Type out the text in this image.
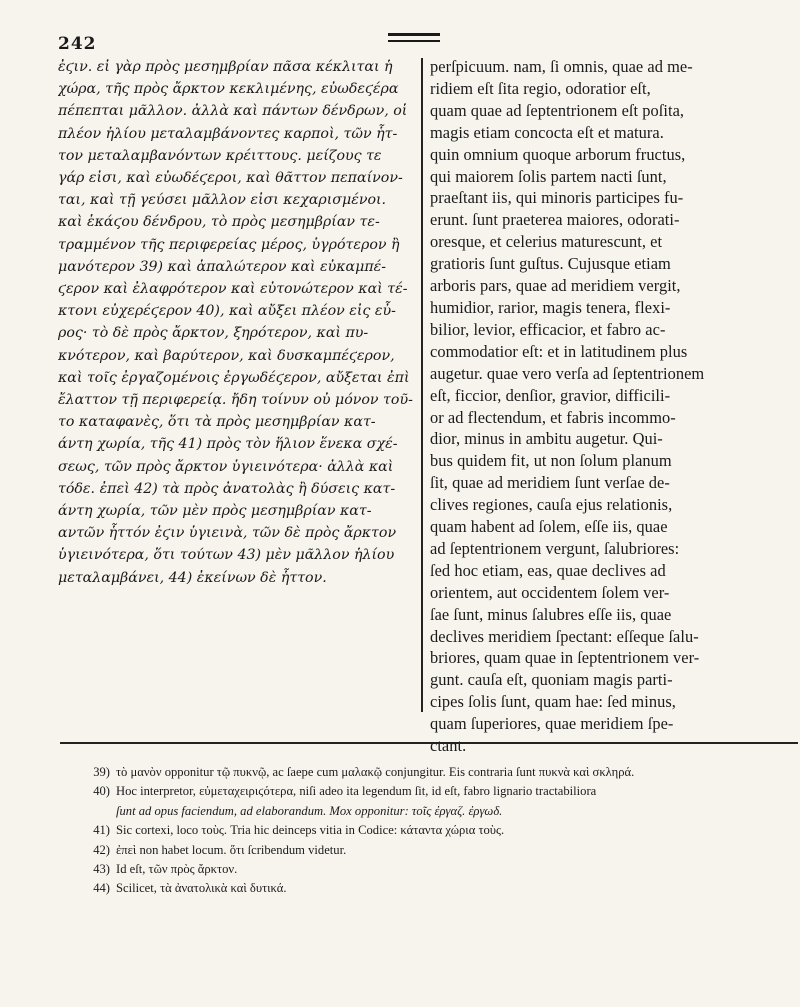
242
ἐϛιν. εἰ γὰρ πρὸς μεσημβρίαν πᾶσα κέκλιται ἡ
χώρα, τῆς πρὸς ἄρκτον κεκλιμένης, εὐωδεϛέρα
πέπεπται μᾶλλον. ἀλλὰ καὶ πάντων δένδρων, οἱ
πλέον ἡλίου μεταλαμβάνοντες καρποὶ, τῶν ἧτ-
τον μεταλαμβανόντων κρέιττους. μείζους τε
γάρ εἰσι, καὶ εὐωδέϛεροι, καὶ θᾶττον πεπαίνον-
ται, καὶ τῇ γεύσει μᾶλλον εἰσι κεχαρισμένοι.
καὶ ἑκάϛου δένδρου, τὸ πρὸς μεσημβρίαν τε-
τραμμένον τῆς περιφερείας μέρος, ὑγρότερον ἢ
μανότερον 39) καὶ ἁπαλώτερον καὶ εὐκαμπέ-
ϛερον καὶ ἐλαφρότερον καὶ εὐτονώτερον καὶ τέ-
κτονι εὐχερέϛερον 40), καὶ αὔξει πλέον εἰς εὖ-
ρος· τὸ δὲ πρὸς ἄρκτον, ξηρότερον, καὶ πυ-
κνότερον, καὶ βαρύτερον, καὶ δυσκαμπέϛερον,
καὶ τοῖς ἐργαζομένοις ἐργωδέϛερον, αὔξεται ἐπὶ
ἔλαττον τῇ περιφερείᾳ. ἤδη τοίνυν οὐ μόνον τοῦ-
το καταφανὲς, ὅτι τὰ πρὸς μεσημβρίαν κατ-
άντη χωρία, τῆς 41) πρὸς τὸν ἥλιον ἕνεκα σχέ-
σεως, τῶν πρὸς ἄρκτον ὑγιεινότερα· ἀλλὰ καὶ
τόδε. ἐπεὶ 42) τὰ πρὸς ἀνατολὰς ἢ δύσεις κατ-
άντη χωρία, τῶν μὲν πρὸς μεσημβρίαν κατ-
αντῶν ἧττόν ἐϛιν ὑγιεινὰ, τῶν δὲ πρὸς ἄρκτον
ὑγιεινότερα, ὅτι τούτων 43) μὲν μᾶλλον ἡλίου
μεταλαμβάνει, 44) ἐκείνων δὲ ἧττον.
perſpicuum. nam, ſi omnis, quae ad me-
ridiem eſt ſita regio, odoratior eſt,
quam quae ad ſeptentrionem eſt poſita,
magis etiam concocta eſt et matura.
quin omnium quoque arborum fructus,
qui maiorem ſolis partem nacti ſunt,
praeſtant iis, qui minoris participes fu-
erunt. ſunt praeterea maiores, odorati-
oresque, et celerius maturescunt, et
gratioris ſunt guſtus. Cujusque etiam
arboris pars, quae ad meridiem vergit,
humidior, rarior, magis tenera, flexi-
bilior, levior, efficacior, et fabro ac-
commodatior eſt: et in latitudinem plus
augetur. quae vero verſa ad ſeptentrionem
eſt, ficcior, denſior, gravior, difficili-
or ad flectendum, et fabris incommo-
dior, minus in ambitu augetur. Qui-
bus quidem fit, ut non ſolum planum
ſit, quae ad meridiem ſunt verſae de-
clives regiones, cauſa ejus relationis,
quam habent ad ſolem, eſſe iis, quae
ad ſeptentrionem vergunt, ſalubriores:
ſed hoc etiam, eas, quae declives ad
orientem, aut occidentem ſolem ver-
ſae ſunt, minus ſalubres eſſe iis, quae
declives meridiem ſpectant: eſſeque ſalu-
briores, quam quae in ſeptentrionem ver-
gunt. cauſa eſt, quoniam magis parti-
cipes ſolis ſunt, quam hae: ſed minus,
quam ſuperiores, quae meridiem ſpe-
ctant.
39) τὸ μανὸν opponitur τῷ πυκνῷ, ac ſaepe cum μαλακῷ conjungitur. Eis contraria ſunt πυκνὰ καὶ σκληρά.
40) Hoc interpretor, εὐμεταχειριϛότερα, niſi adeo ita legendum ſit, id eſt, fabro lignario tractabiliora
ſunt ad opus faciendum, ad elaborandum. Mox opponitur: τοῖς ἐργαζ. ἐργωδ.
41) Sic cortexi, loco τοὺς. Tria hic deinceps vitia in Codice: κάταντα χώρια τοὺς.
42) ἐπεὶ non habet locum. ὅτι ſcribendum videtur.
43) Id eſt, τῶν πρὸς ἄρκτον.
44) Scilicet, τὰ ἀνατολικὰ καὶ δυτικά.
